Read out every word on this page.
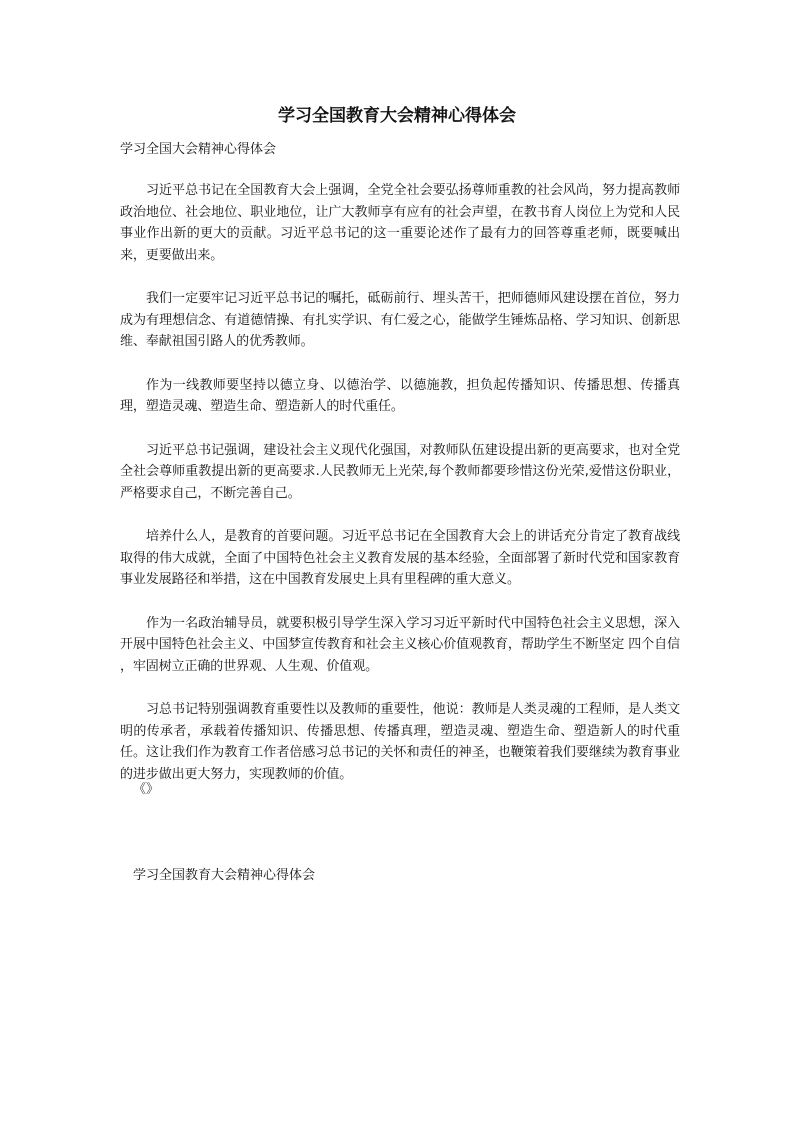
学习全国教育大会精神心得体会

学习全国大会精神心得体会

习近平总书记在全国教育大会上强调，全党全社会要弘扬尊师重教的社会风尚，努力提高教师政治地位、社会地位、职业地位，让广大教师享有应有的社会声望，在教书育人岗位上为党和人民事业作出新的更大的贡献。习近平总书记的这一重要论述作了最有力的回答尊重老师，既要喊出来，更要做出来。

我们一定要牢记习近平总书记的嘱托，砥砺前行、埋头苦干，把师德师风建设摆在首位，努力成为有理想信念、有道德情操、有扎实学识、有仁爱之心，能做学生锤炼品格、学习知识、创新思维、奉献祖国引路人的优秀教师。

作为一线教师要坚持以德立身、以德治学、以德施教，担负起传播知识、传播思想、传播真理，塑造灵魂、塑造生命、塑造新人的时代重任。

习近平总书记强调，建设社会主义现代化强国，对教师队伍建设提出新的更高要求，也对全党全社会尊师重教提出新的更高要求.人民教师无上光荣,每个教师都要珍惜这份光荣,爱惜这份职业，严格要求自己，不断完善自己。

培养什么人，是教育的首要问题。习近平总书记在全国教育大会上的讲话充分肯定了教育战线取得的伟大成就，全面了中国特色社会主义教育发展的基本经验，全面部署了新时代党和国家教育事业发展路径和举措，这在中国教育发展史上具有里程碑的重大意义。

作为一名政治辅导员，就要积极引导学生深入学习习近平新时代中国特色社会主义思想，深入开展中国特色社会主义、中国梦宣传教育和社会主义核心价值观教育，帮助学生不断坚定 四个自信 ，牢固树立正确的世界观、人生观、价值观。

习总书记特别强调教育重要性以及教师的重要性，他说：教师是人类灵魂的工程师，是人类文明的传承者，承载着传播知识、传播思想、传播真理，塑造灵魂、塑造生命、塑造新人的时代重任。这让我们作为教育工作者倍感习总书记的关怀和责任的神圣，也鞭策着我们要继续为教育事业的进步做出更大努力，实现教师的价值。

《》

学习全国教育大会精神心得体会
